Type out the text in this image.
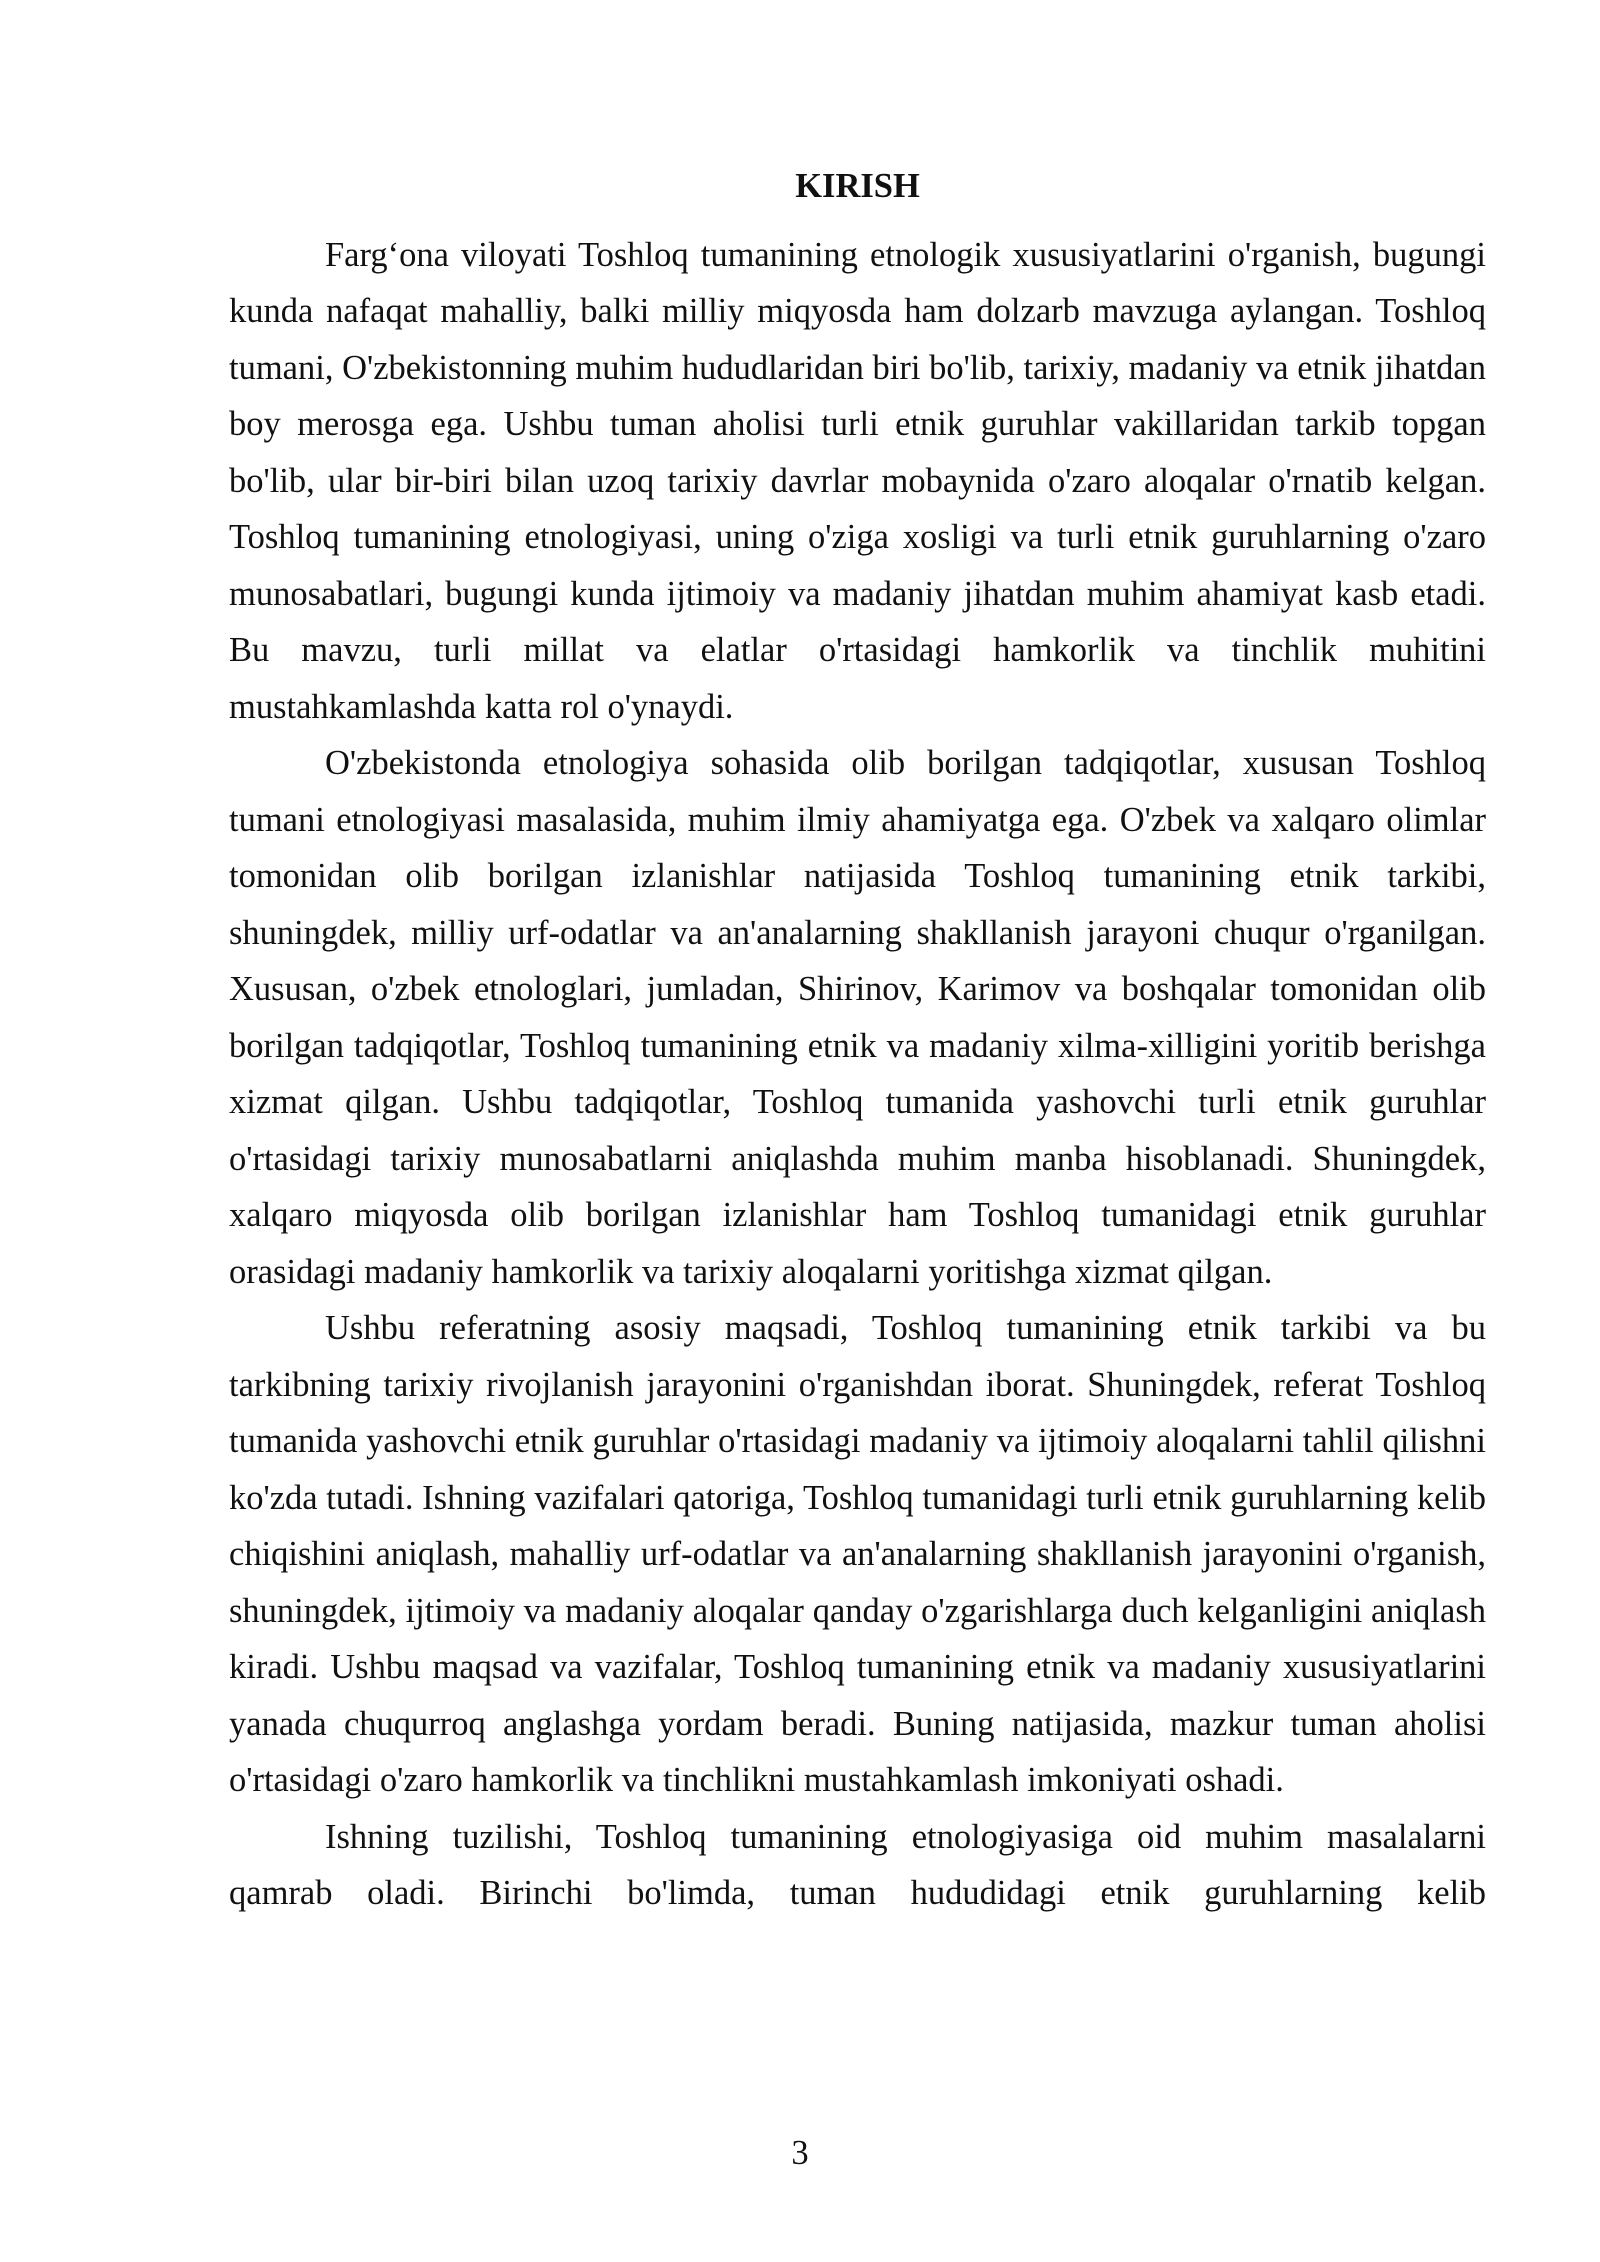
KIRISH

Farg‘ona viloyati Toshloq tumanining etnologik xususiyatlarini o'rganish, bugungi kunda nafaqat mahalliy, balki milliy miqyosda ham dolzarb mavzuga aylangan. Toshloq tumani, O'zbekistonning muhim hududlaridan biri bo'lib, tarixiy, madaniy va etnik jihatdan boy merosga ega. Ushbu tuman aholisi turli etnik guruhlar vakillaridan tarkib topgan bo'lib, ular bir-biri bilan uzoq tarixiy davrlar mobaynida o'zaro aloqalar o'rnatib kelgan. Toshloq tumanining etnologiyasi, uning o'ziga xosligi va turli etnik guruhlarning o'zaro munosabatlari, bugungi kunda ijtimoiy va madaniy jihatdan muhim ahamiyat kasb etadi. Bu mavzu, turli millat va elatlar o'rtasidagi hamkorlik va tinchlik muhitini mustahkamlashda katta rol o'ynaydi.

O'zbekistonda etnologiya sohasida olib borilgan tadqiqotlar, xususan Toshloq tumani etnologiyasi masalasida, muhim ilmiy ahamiyatga ega. O'zbek va xalqaro olimlar tomonidan olib borilgan izlanishlar natijasida Toshloq tumanining etnik tarkibi, shuningdek, milliy urf-odatlar va an'analarning shakllanish jarayoni chuqur o'rganilgan. Xususan, o'zbek etnologlari, jumladan, Shirinov, Karimov va boshqalar tomonidan olib borilgan tadqiqotlar, Toshloq tumanining etnik va madaniy xilma-xilligini yoritib berishga xizmat qilgan. Ushbu tadqiqotlar, Toshloq tumanida yashovchi turli etnik guruhlar o'rtasidagi tarixiy munosabatlarni aniqlashda muhim manba hisoblanadi. Shuningdek, xalqaro miqyosda olib borilgan izlanishlar ham Toshloq tumanidagi etnik guruhlar orasidagi madaniy hamkorlik va tarixiy aloqalarni yoritishga xizmat qilgan.

Ushbu referatning asosiy maqsadi, Toshloq tumanining etnik tarkibi va bu tarkibning tarixiy rivojlanish jarayonini o'rganishdan iborat. Shuningdek, referat Toshloq tumanida yashovchi etnik guruhlar o'rtasidagi madaniy va ijtimoiy aloqalarni tahlil qilishni ko'zda tutadi. Ishning vazifalari qatoriga, Toshloq tumanidagi turli etnik guruhlarning kelib chiqishini aniqlash, mahalliy urf-odatlar va an'analarning shakllanish jarayonini o'rganish, shuningdek, ijtimoiy va madaniy aloqalar qanday o'zgarishlarga duch kelganligini aniqlash kiradi. Ushbu maqsad va vazifalar, Toshloq tumanining etnik va madaniy xususiyatlarini yanada chuqurroq anglashga yordam beradi. Buning natijasida, mazkur tuman aholisi o'rtasidagi o'zaro hamkorlik va tinchlikni mustahkamlash imkoniyati oshadi.

Ishning tuzilishi, Toshloq tumanining etnologiyasiga oid muhim masalalarni qamrab oladi. Birinchi bo'limda, tuman hududidagi etnik guruhlarning kelib

3
